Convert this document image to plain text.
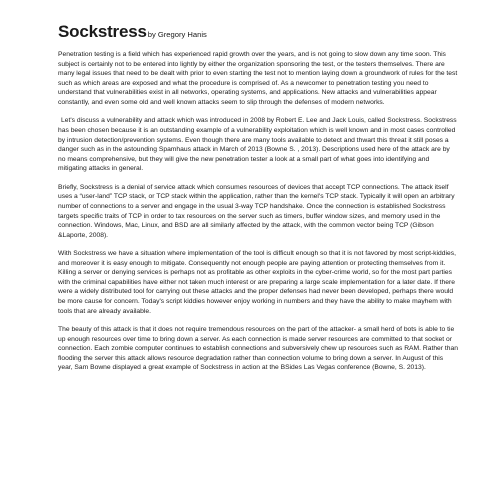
Sockstressby Gregory Hanis

Penetration testing is a field which has experienced rapid growth over the years, and is not going to slow down any time soon. This subject is certainly not to be entered into lightly by either the organization sponsoring the test, or the testers themselves. There are many legal issues that need to be dealt with prior to even starting the test not to mention laying down a groundwork of rules for the test such as which areas are exposed and what the procedure is comprised of. As a newcomer to penetration testing you need to understand that vulnerabilities exist in all networks, operating systems, and applications. New attacks and vulnerabilities appear constantly, and even some old and well known attacks seem to slip through the defenses of modern networks.

Let's discuss a vulnerability and attack which was introduced in 2008 by Robert E. Lee and Jack Louis, called Sockstress. Sockstress has been chosen because it is an outstanding example of a vulnerability exploitation which is well known and in most cases controlled by intrusion detection/prevention systems. Even though there are many tools available to detect and thwart this threat it still poses a danger such as in the astounding Spamhaus attack in March of 2013 (Bowne S. , 2013). Descriptions used here of the attack are by no means comprehensive, but they will give the new penetration tester a look at a small part of what goes into identifying and mitigating attacks in general.

Briefly, Sockstress is a denial of service attack which consumes resources of devices that accept TCP connections. The attack itself uses a “user-land” TCP stack, or TCP stack within the application, rather than the kernel's TCP stack. Typically it will open an arbitrary number of connections to a server and engage in the usual 3-way TCP handshake. Once the connection is established Sockstress targets specific traits of TCP in order to tax resources on the server such as timers, buffer window sizes, and memory used in the connection. Windows, Mac, Linux, and BSD are all similarly affected by the attack, with the common vector being TCP (Gibson &Laporte, 2008).

With Sockstress we have a situation where implementation of the tool is difficult enough so that it is not favored by most script-kiddies, and moreover it is easy enough to mitigate. Consequently not enough people are paying attention or protecting themselves from it. Killing a server or denying services is perhaps not as profitable as other exploits in the cyber-crime world, so for the most part parties with the criminal capabilities have either not taken much interest or are preparing a large scale implementation for a later date. If there were a widely distributed tool for carrying out these attacks and the proper defenses had never been developed, perhaps there would be more cause for concern. Today's script kiddies however enjoy working in numbers and they have the ability to make mayhem with tools that are already available.

The beauty of this attack is that it does not require tremendous resources on the part of the attacker- a small herd of bots is able to tie up enough resources over time to bring down a server. As each connection is made server resources are committed to that socket or connection. Each zombie computer continues to establish connections and subversively chew up resources such as RAM. Rather than flooding the server this attack allows resource degradation rather than connection volume to bring down a server. In August of this year, Sam Bowne displayed a great example of Sockstress in action at the BSides Las Vegas conference (Bowne, S. 2013).
